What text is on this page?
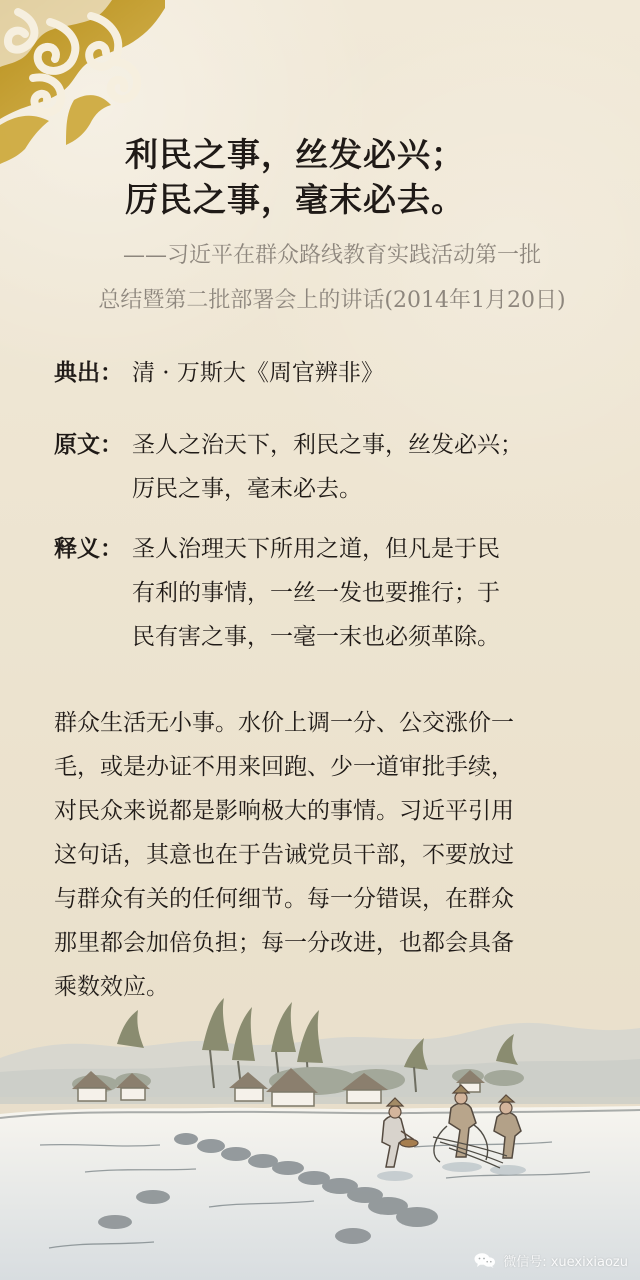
利民之事，丝发必兴；
厉民之事，毫末必去。
——习近平在群众路线教育实践活动第一批
总结暨第二批部署会上的讲话(2014年1月20日)
典出： 清 · 万斯大《周官辨非》
原文： 圣人之治天下，利民之事，丝发必兴；
厉民之事，毫末必去。
释义： 圣人治理天下所用之道，但凡是于民
有利的事情，一丝一发也要推行；于
民有害之事，一毫一末也必须革除。
群众生活无小事。水价上调一分、公交涨价一
毛，或是办证不用来回跑、少一道审批手续，
对民众来说都是影响极大的事情。习近平引用
这句话，其意也在于告诫党员干部，不要放过
与群众有关的任何细节。每一分错误，在群众
那里都会加倍负担；每一分改进，也都会具备
微信号: xuexixiaozu
